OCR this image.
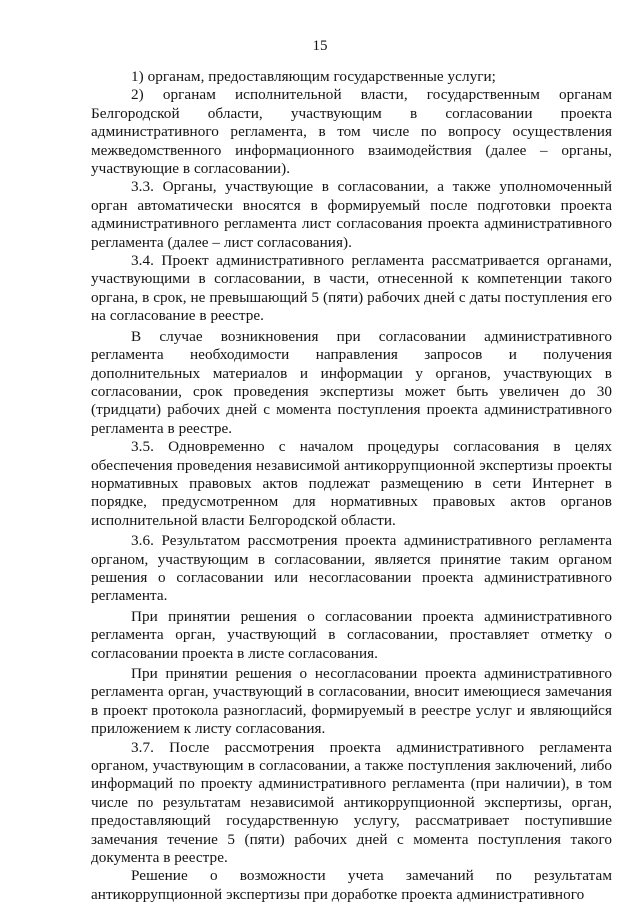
15

1) органам, предоставляющим государственные услуги;

2) органам исполнительной власти, государственным органам Белгородской области, участвующим в согласовании проекта административного регламента, в том числе по вопросу осуществления межведомственного информационного взаимодействия (далее – органы, участвующие в согласовании).

3.3. Органы, участвующие в согласовании, а также уполномоченный орган автоматически вносятся в формируемый после подготовки проекта административного регламента лист согласования проекта административного регламента (далее – лист согласования).

3.4. Проект административного регламента рассматривается органами, участвующими в согласовании, в части, отнесенной к компетенции такого органа, в срок, не превышающий 5 (пяти) рабочих дней с даты поступления его на согласование в реестре.

В случае возникновения при согласовании административного регламента необходимости направления запросов и получения дополнительных материалов и информации у органов, участвующих в согласовании, срок проведения экспертизы может быть увеличен до 30 (тридцати) рабочих дней с момента поступления проекта административного регламента в реестре.

3.5. Одновременно с началом процедуры согласования в целях обеспечения проведения независимой антикоррупционной экспертизы проекты нормативных правовых актов подлежат размещению в сети Интернет в порядке, предусмотренном для нормативных правовых актов органов исполнительной власти Белгородской области.

3.6. Результатом рассмотрения проекта административного регламента органом, участвующим в согласовании, является принятие таким органом решения о согласовании или несогласовании проекта административного регламента.

При принятии решения о согласовании проекта административного регламента орган, участвующий в согласовании, проставляет отметку о согласовании проекта в листе согласования.

При принятии решения о несогласовании проекта административного регламента орган, участвующий в согласовании, вносит имеющиеся замечания в проект протокола разногласий, формируемый в реестре услуг и являющийся приложением к листу согласования.

3.7. После рассмотрения проекта административного регламента органом, участвующим в согласовании, а также поступления заключений, либо информаций по проекту административного регламента (при наличии), в том числе по результатам независимой антикоррупционной экспертизы, орган, предоставляющий государственную услугу, рассматривает поступившие замечания течение 5 (пяти) рабочих дней с момента поступления такого документа в реестре.

Решение о возможности учета замечаний по результатам антикоррупционной экспертизы при доработке проекта административного
